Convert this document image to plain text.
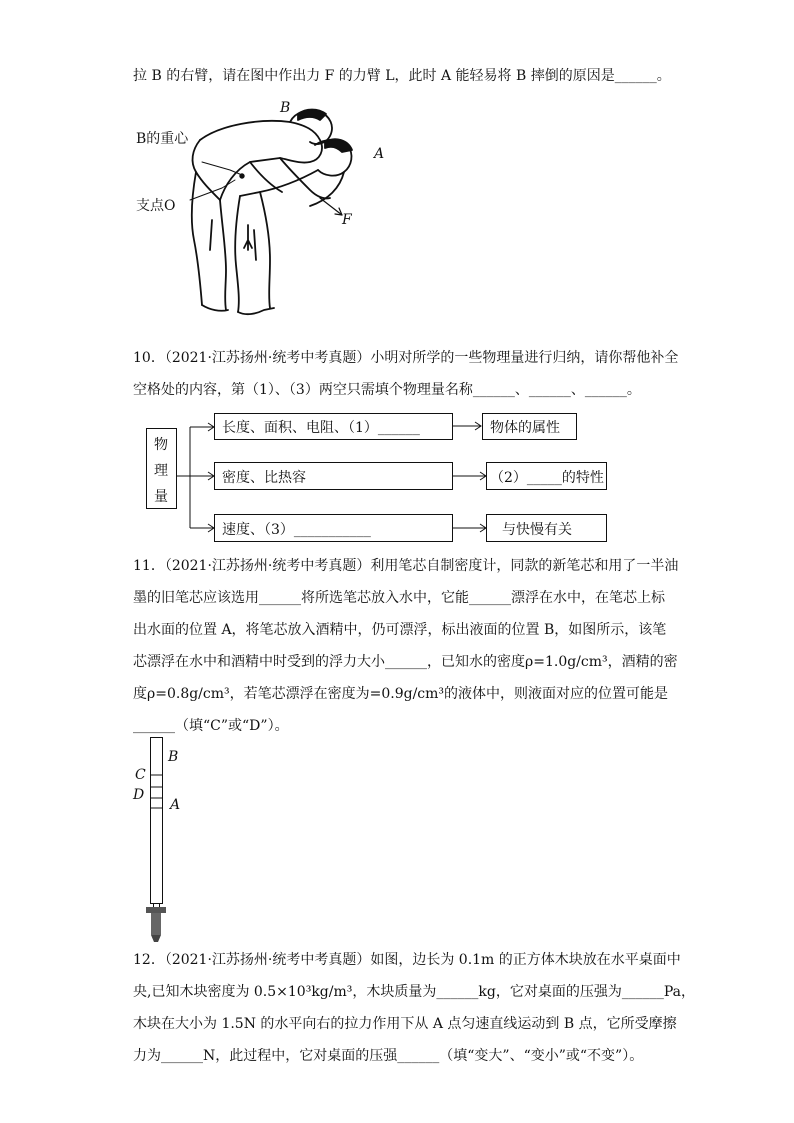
拉 B 的右臂，请在图中作出力 F 的力臂 L，此时 A 能轻易将 B 摔倒的原因是______。
B
A
B的重心
支点O
F
10．（2021·江苏扬州·统考中考真题）小明对所学的一些物理量进行归纳，请你帮他补全
空格处的内容，第（1）、（3）两空只需填个物理量名称______、______、______。
物
理
量
长度、面积、电阻、（1）______	物体的属性
密度、比热容	（2）_____的特性
速度、（3）___________	与快慢有关
11．（2021·江苏扬州·统考中考真题）利用笔芯自制密度计，同款的新笔芯和用了一半油
墨的旧笔芯应该选用______将所选笔芯放入水中，它能______漂浮在水中，在笔芯上标
出水面的位置 A，将笔芯放入酒精中，仍可漂浮，标出液面的位置 B，如图所示，该笔
芯漂浮在水中和酒精中时受到的浮力大小______，已知水的密度ρ=1.0g/cm³，酒精的密
度ρ=0.8g/cm³，若笔芯漂浮在密度为=0.9g/cm³的液体中，则液面对应的位置可能是
______（填“C”或“D”）。
B
C
D
A
12．（2021·江苏扬州·统考中考真题）如图，边长为 0.1m 的正方体木块放在水平桌面中
央,已知木块密度为 0.5×10³kg/m³，木块质量为______kg，它对桌面的压强为______Pa，
木块在大小为 1.5N 的水平向右的拉力作用下从 A 点匀速直线运动到 B 点，它所受摩擦
力为______N，此过程中，它对桌面的压强______（填“变大”、“变小”或“不变”）。
